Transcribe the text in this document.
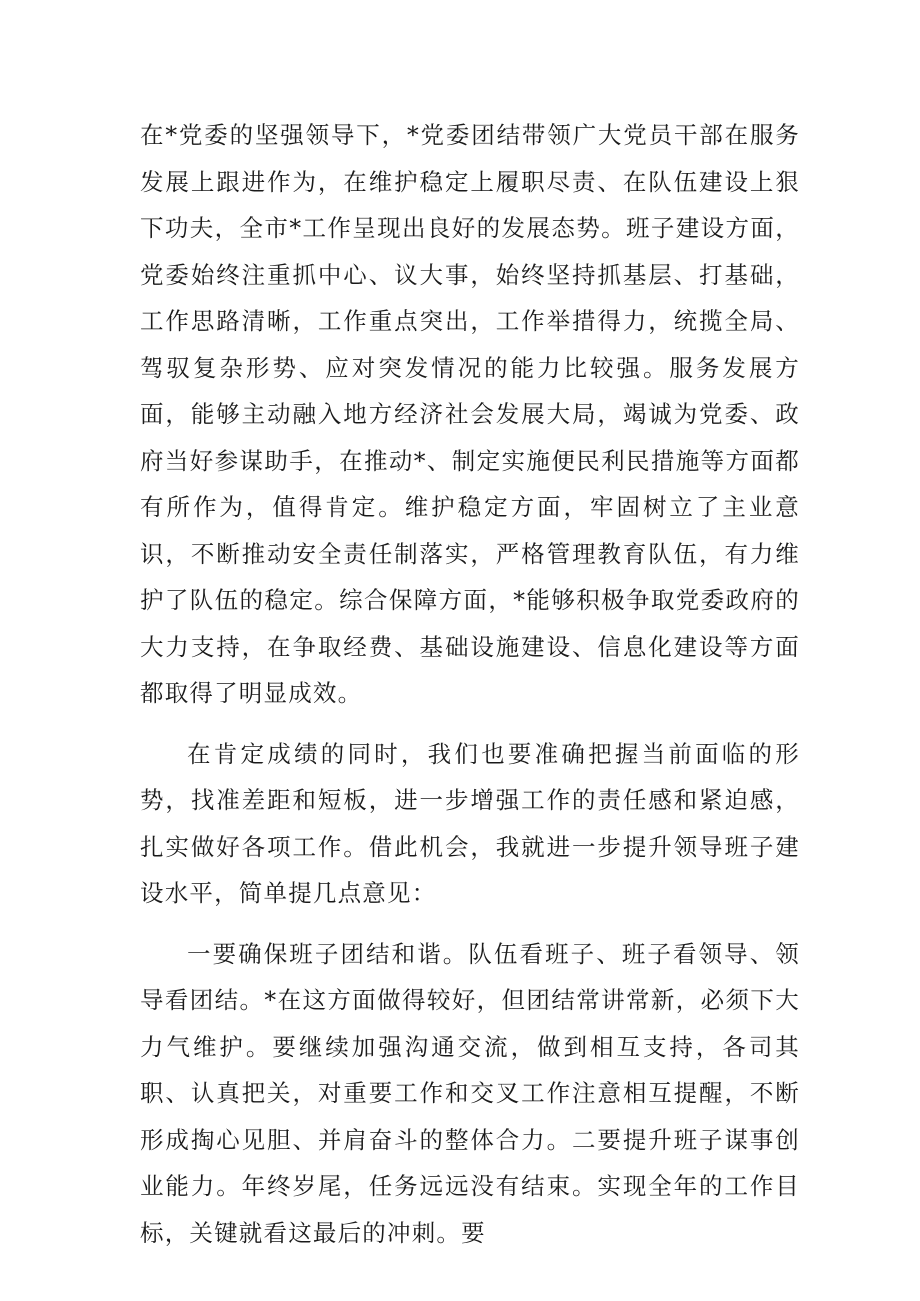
在*党委的坚强领导下，*党委团结带领广大党员干部在服务发展上跟进作为，在维护稳定上履职尽责、在队伍建设上狠下功夫，全市*工作呈现出良好的发展态势。班子建设方面，党委始终注重抓中心、议大事，始终坚持抓基层、打基础，工作思路清晰，工作重点突出，工作举措得力，统揽全局、驾驭复杂形势、应对突发情况的能力比较强。服务发展方面，能够主动融入地方经济社会发展大局，竭诚为党委、政府当好参谋助手，在推动*、制定实施便民利民措施等方面都有所作为，值得肯定。维护稳定方面，牢固树立了主业意识，不断推动安全责任制落实，严格管理教育队伍，有力维护了队伍的稳定。综合保障方面，*能够积极争取党委政府的大力支持，在争取经费、基础设施建设、信息化建设等方面都取得了明显成效。

在肯定成绩的同时，我们也要准确把握当前面临的形势，找准差距和短板，进一步增强工作的责任感和紧迫感，扎实做好各项工作。借此机会，我就进一步提升领导班子建设水平，简单提几点意见：

一要确保班子团结和谐。队伍看班子、班子看领导、领导看团结。*在这方面做得较好，但团结常讲常新，必须下大力气维护。要继续加强沟通交流，做到相互支持，各司其职、认真把关，对重要工作和交叉工作注意相互提醒，不断形成掏心见胆、并肩奋斗的整体合力。二要提升班子谋事创业能力。年终岁尾，任务远远没有结束。实现全年的工作目标，关键就看这最后的冲刺。要
